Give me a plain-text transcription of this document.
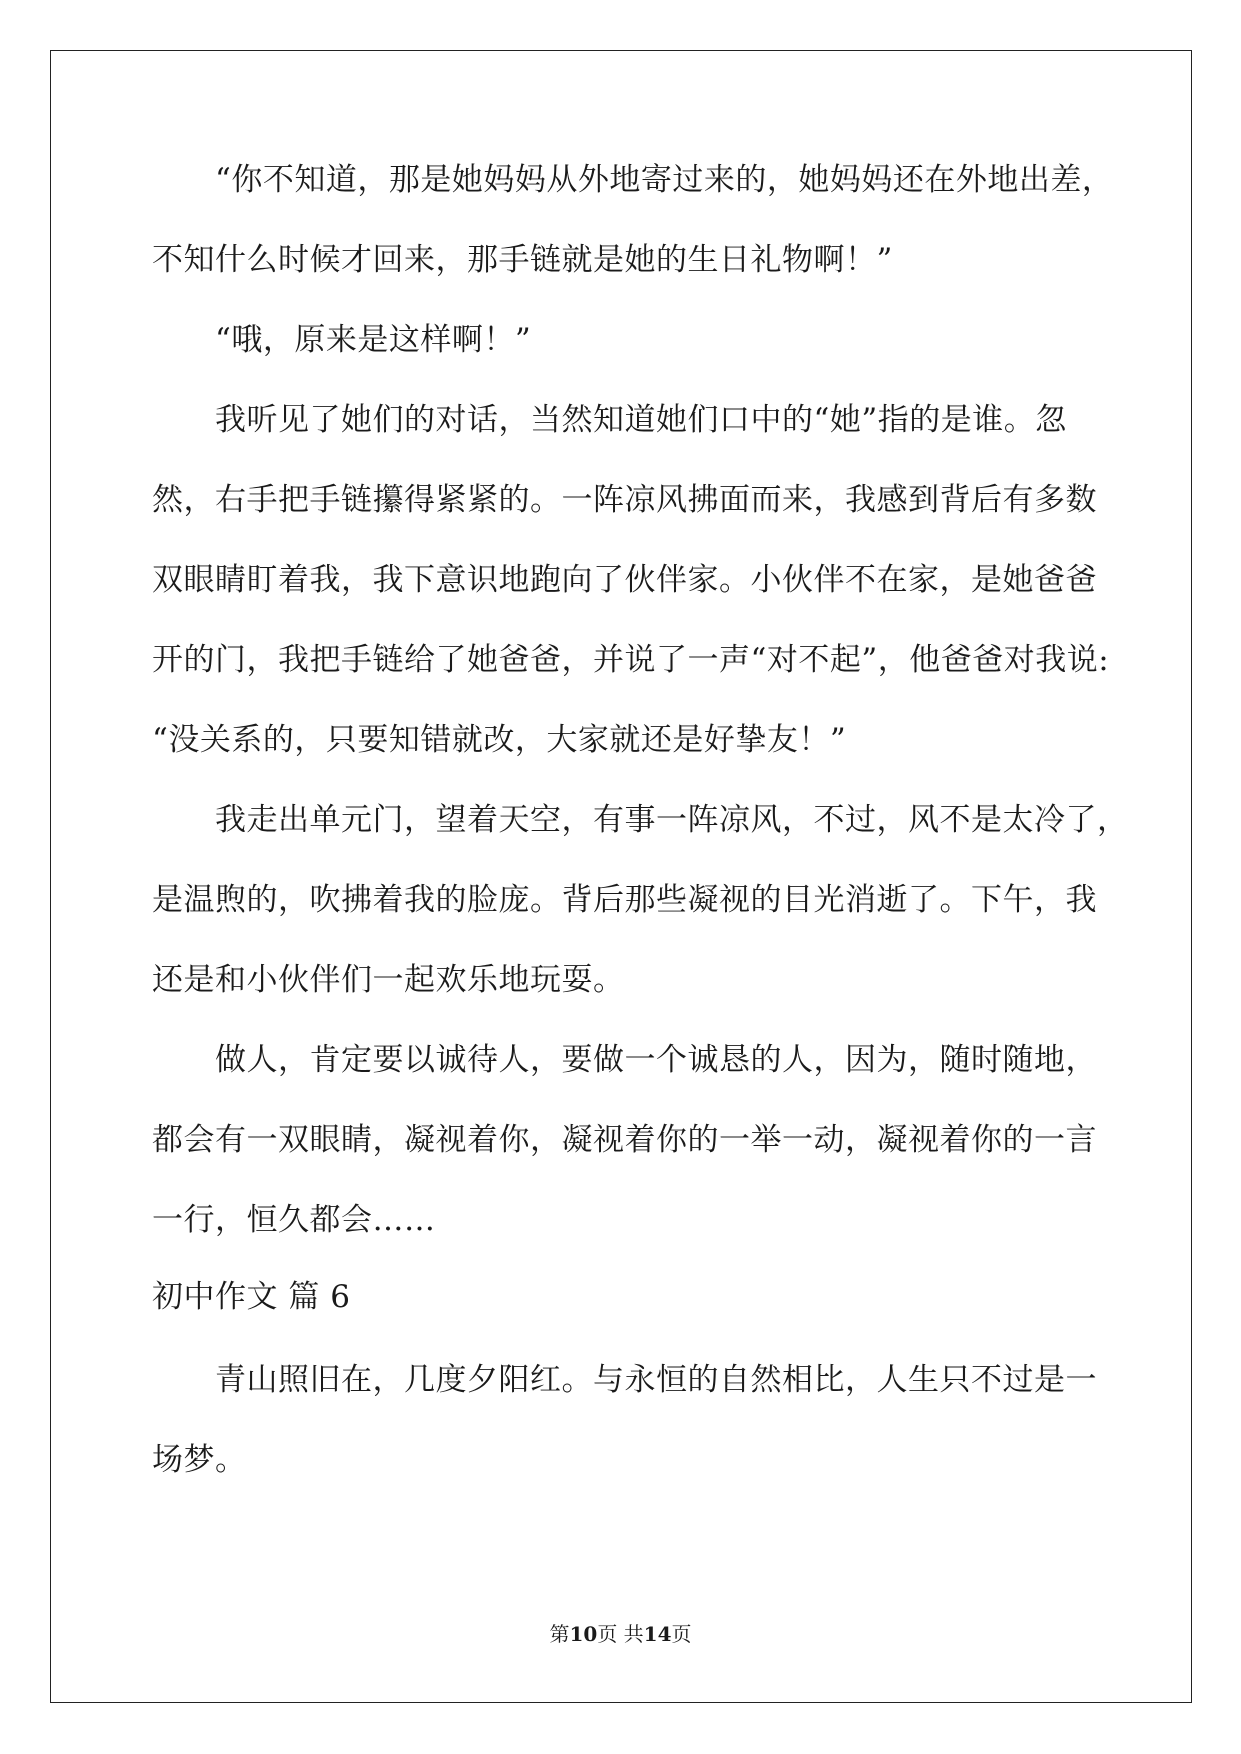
“你不知道，那是她妈妈从外地寄过来的，她妈妈还在外地出差，
不知什么时候才回来，那手链就是她的生日礼物啊！”
“哦，原来是这样啊！”
我听见了她们的对话，当然知道她们口中的“她”指的是谁。忽
然，右手把手链攥得紧紧的。一阵凉风拂面而来，我感到背后有多数
双眼睛盯着我，我下意识地跑向了伙伴家。小伙伴不在家，是她爸爸
开的门，我把手链给了她爸爸，并说了一声“对不起”，他爸爸对我说:
“没关系的，只要知错就改，大家就还是好挚友！”
我走出单元门，望着天空，有事一阵凉风，不过，风不是太冷了，
是温煦的，吹拂着我的脸庞。背后那些凝视的目光消逝了。下午，我
还是和小伙伴们一起欢乐地玩耍。
做人，肯定要以诚待人，要做一个诚恳的人，因为，随时随地，
都会有一双眼睛，凝视着你，凝视着你的一举一动，凝视着你的一言
一行，恒久都会……
初中作文 篇 6
青山照旧在，几度夕阳红。与永恒的自然相比，人生只不过是一
场梦。
第10页 共14页
